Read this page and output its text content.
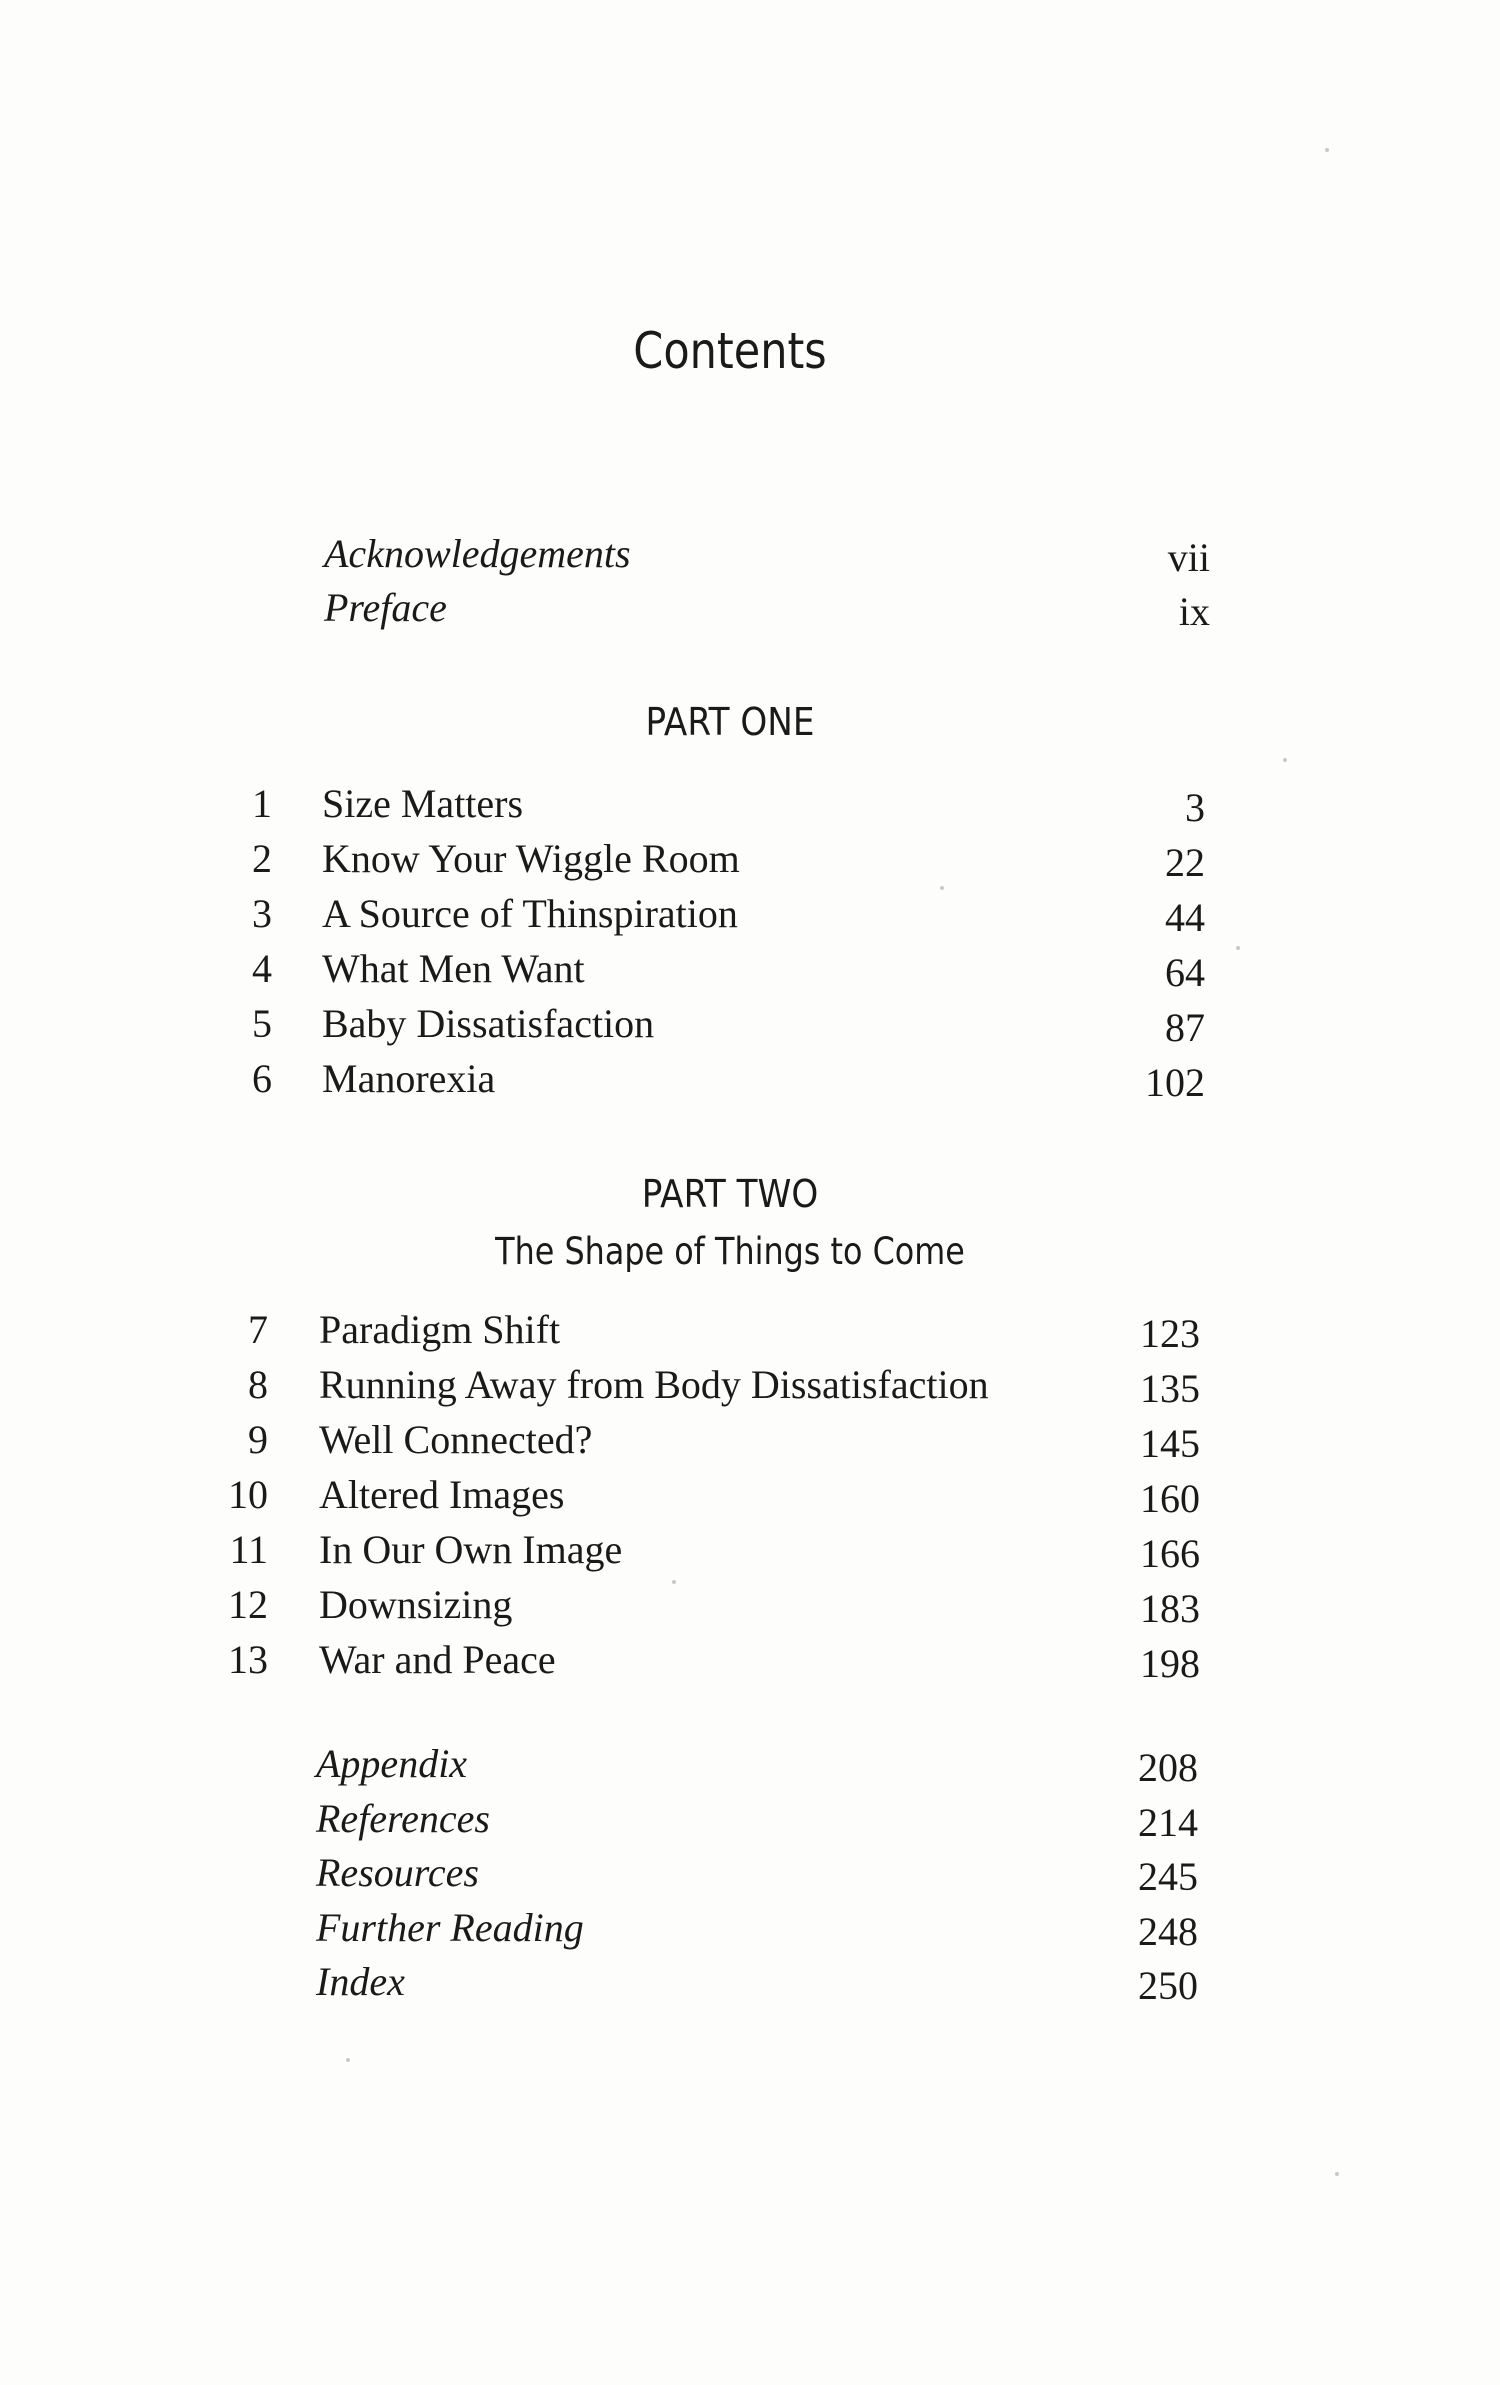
Contents
Acknowledgements	vii
Preface	ix
PART ONE
1 Size Matters	3
2 Know Your Wiggle Room	22
3 A Source of Thinspiration	44
4 What Men Want	64
5 Baby Dissatisfaction	87
6 Manorexia	102
PART TWO
The Shape of Things to Come
7 Paradigm Shift	123
8 Running Away from Body Dissatisfaction	135
9 Well Connected?	145
10 Altered Images	160
11 In Our Own Image	166
12 Downsizing	183
13 War and Peace	198
Appendix	208
References	214
Resources	245
Further Reading	248
Index	250
